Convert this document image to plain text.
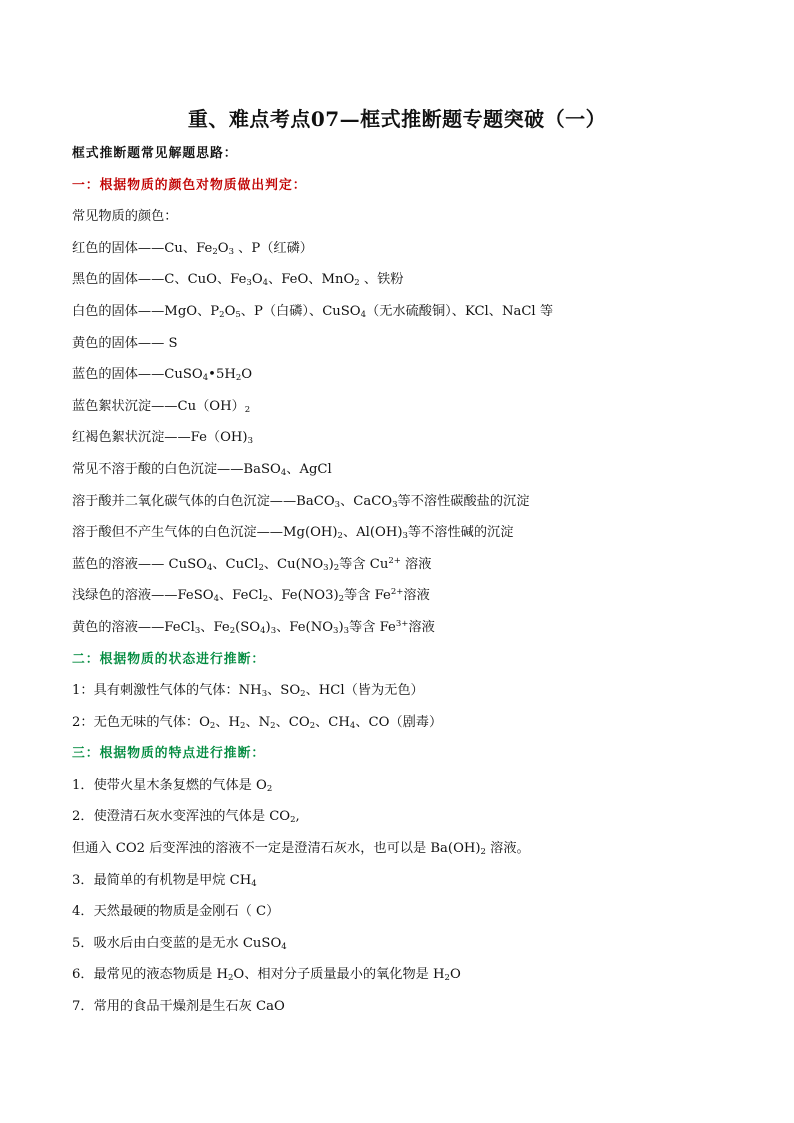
重、难点考点07—框式推断题专题突破（一）
框式推断题常见解题思路：
一：根据物质的颜色对物质做出判定：
常见物质的颜色：
红色的固体——Cu、$Fe_2O_3$ 、P（红磷）
黑色的固体——C、CuO、$Fe_3O_4$、FeO、MnO$_2$ 、铁粉
白色的固体——MgO、$P_2O_5$、P（白磷）、CuSO$_4$（无水硫酸铜）、KCl、NaCl 等
黄色的固体—— S
蓝色的固体$——CuSO_4•5H_2O$
蓝色絮状沉淀$——Cu(OH)_2$
红褐色絮状沉淀$——Fe(OH)_3$
常见不溶于酸的白色沉淀——BaSO$_4$、AgCl
溶于酸并二氧化碳气体的白色沉淀——BaCO$_3$、CaCO$_3$等不溶性碳酸盐的沉淀
溶于酸但不产生气体的白色沉淀$——Mg(OH)_2$、$Al(OH)_3$等不溶性碱的沉淀
蓝色的溶液—— CuSO$_4$、CuCl$_2$、$Cu(NO_3)_2$等含 $Cu^{2+}$ 溶液
浅绿色的溶液——FeSO$_4$、FeCl$_2$、$Fe(NO3)_2$等含 $Fe^{2+}$溶液
黄色的溶液——FeCl$_3$、$Fe_2(SO_4)_3$、$Fe(NO_3)_3$等含 $Fe^{3+}$溶液
二：根据物质的状态进行推断：
1：具有刺激性气体的气体：$NH_3$、$SO_2$、HCl（皆为无色）
2：无色无味的气体：$O_2$、$H_2$、$N_2$、$CO_2$、$CH_4$、CO（剧毒）
三：根据物质的特点进行推断：
1．使带火星木条复燃的气体是 $O_2$
2．使澄清石灰水变浑浊的气体是 $CO_2$,
但通入 CO2 后变浑浊的溶液不一定是澄清石灰水，也可以是 $Ba(OH)_2$ 溶液。
3．最简单的有机物是甲烷 $CH_4$
4．天然最硬的物质是金刚石（ C）
5．吸水后由白变蓝的是无水 CuSO$_4$
6．最常见的液态物质是 $H_2O$、相对分子质量最小的氧化物是 $H_2O$
7．常用的食品干燥剂是生石灰 CaO
